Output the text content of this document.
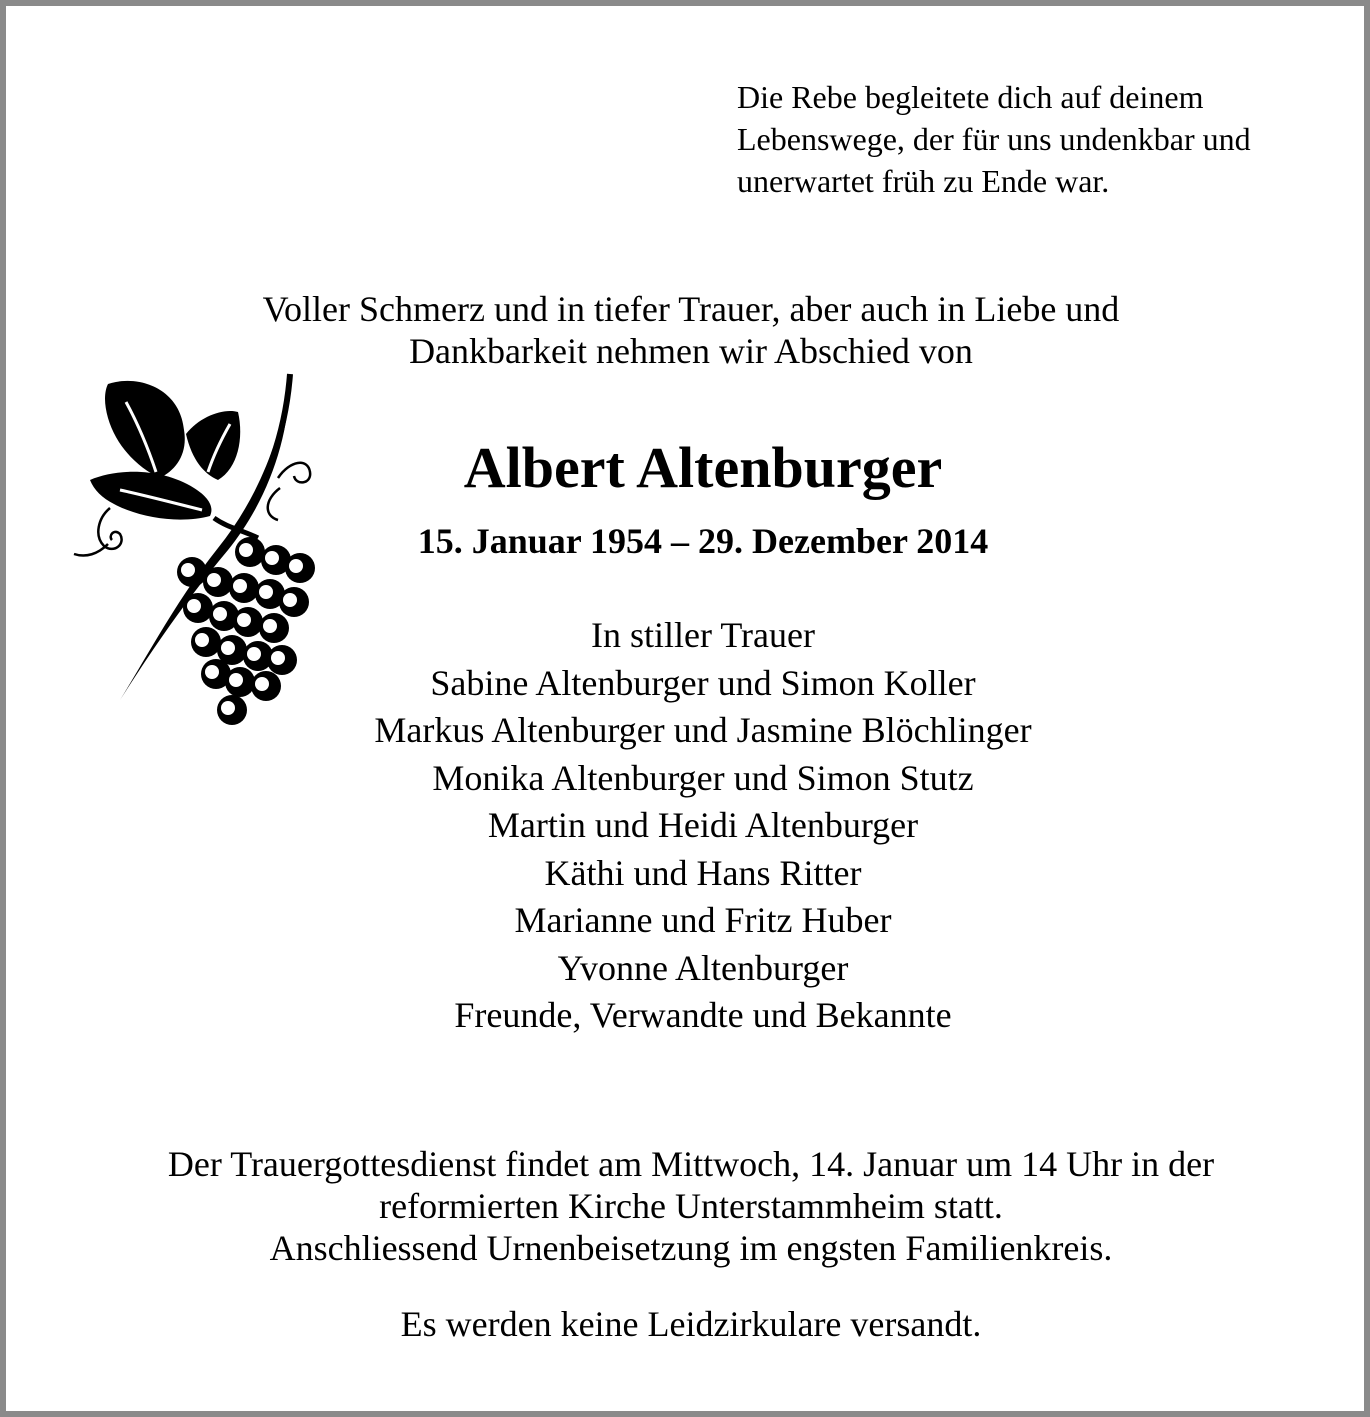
Die Rebe begleitete dich auf deinem
Lebenswege, der für uns undenkbar und
unerwartet früh zu Ende war.
Voller Schmerz und in tiefer Trauer, aber auch in Liebe und
Dankbarkeit nehmen wir Abschied von
Albert Altenburger
15. Januar 1954 – 29. Dezember 2014
In stiller Trauer
Sabine Altenburger und Simon Koller
Markus Altenburger und Jasmine Blöchlinger
Monika Altenburger und Simon Stutz
Martin und Heidi Altenburger
Käthi und Hans Ritter
Marianne und Fritz Huber
Yvonne Altenburger
Freunde, Verwandte und Bekannte
Der Trauergottesdienst findet am Mittwoch, 14. Januar um 14 Uhr in der
reformierten Kirche Unterstammheim statt.
Anschliessend Urnenbeisetzung im engsten Familienkreis.
Es werden keine Leidzirkulare versandt.
